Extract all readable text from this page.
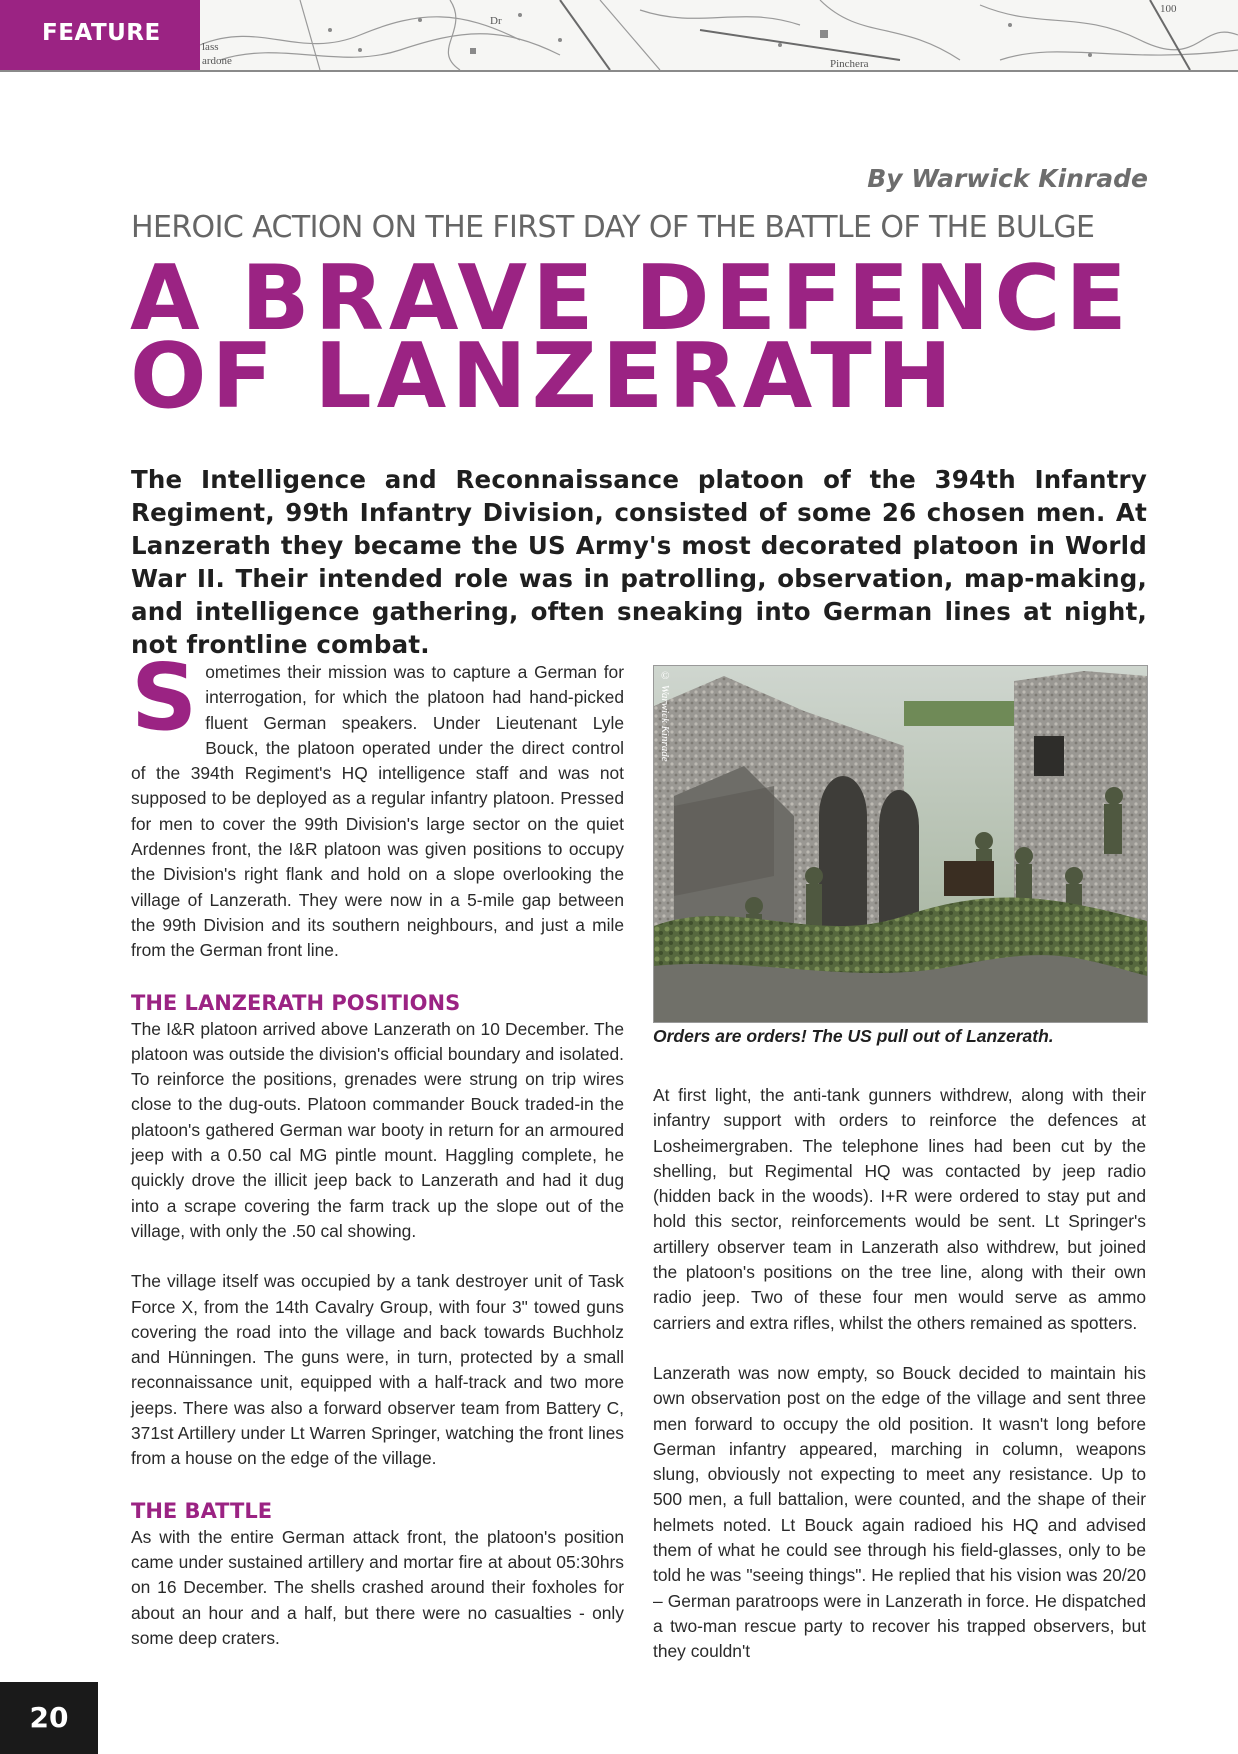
lass
ardone
Dr
Pinchera
100
FEATURE
By Warwick Kinrade
HEROIC ACTION ON THE FIRST DAY OF THE BATTLE OF THE BULGE
A BRAVE DEFENCE
OF LANZERATH

The Intelligence and Reconnaissance platoon of the 394th Infantry Regiment, 99th Infantry Division, consisted of some 26 chosen men. At Lanzerath they became the US Army's most decorated platoon in World War II. Their intended role was in patrolling, observation, map-making, and intelligence gathering, often sneaking into German lines at night, not frontline combat.

Sometimes their mission was to capture a German for interrogation, for which the platoon had hand-picked fluent German speakers. Under Lieutenant Lyle Bouck, the platoon operated under the direct control of the 394th Regiment's HQ intelligence staff and was not supposed to be deployed as a regular infantry platoon. Pressed for men to cover the 99th Division's large sector on the quiet Ardennes front, the I&R platoon was given positions to occupy the Division's right flank and hold on a slope overlooking the village of Lanzerath. They were now in a 5-mile gap between the 99th Division and its southern neighbours, and just a mile from the German front line.

THE LANZERATH POSITIONS

The I&R platoon arrived above Lanzerath on 10 December. The platoon was outside the division's official boundary and isolated. To reinforce the positions, grenades were strung on trip wires close to the dug-outs. Platoon commander Bouck traded-in the platoon's gathered German war booty in return for an armoured jeep with a 0.50 cal MG pintle mount. Haggling complete, he quickly drove the illicit jeep back to Lanzerath and had it dug into a scrape covering the farm track up the slope out of the village, with only the .50 cal showing.

The village itself was occupied by a tank destroyer unit of Task Force X, from the 14th Cavalry Group, with four 3" towed guns covering the road into the village and back towards Buchholz and Hünningen. The guns were, in turn, protected by a small reconnaissance unit, equipped with a half-track and two more jeeps. There was also a forward observer team from Battery C, 371st Artillery under Lt Warren Springer, watching the front lines from a house on the edge of the village.

THE BATTLE

As with the entire German attack front, the platoon's position came under sustained artillery and mortar fire at about 05:30hrs on 16 December. The shells crashed around their foxholes for about an hour and a half, but there were no casualties - only some deep craters.

© Warwick Kinrade
Orders are orders! The US pull out of Lanzerath.

At first light, the anti-tank gunners withdrew, along with their infantry support with orders to reinforce the defences at Losheimergraben. The telephone lines had been cut by the shelling, but Regimental HQ was contacted by jeep radio (hidden back in the woods). I+R were ordered to stay put and hold this sector, reinforcements would be sent. Lt Springer's artillery observer team in Lanzerath also withdrew, but joined the platoon's positions on the tree line, along with their own radio jeep. Two of these four men would serve as ammo carriers and extra rifles, whilst the others remained as spotters.

Lanzerath was now empty, so Bouck decided to maintain his own observation post on the edge of the village and sent three men forward to occupy the old position. It wasn't long before German infantry appeared, marching in column, weapons slung, obviously not expecting to meet any resistance. Up to 500 men, a full battalion, were counted, and the shape of their helmets noted. Lt Bouck again radioed his HQ and advised them of what he could see through his field-glasses, only to be told he was "seeing things". He replied that his vision was 20/20 – German paratroops were in Lanzerath in force. He dispatched a two-man rescue party to recover his trapped observers, but they couldn't

20
